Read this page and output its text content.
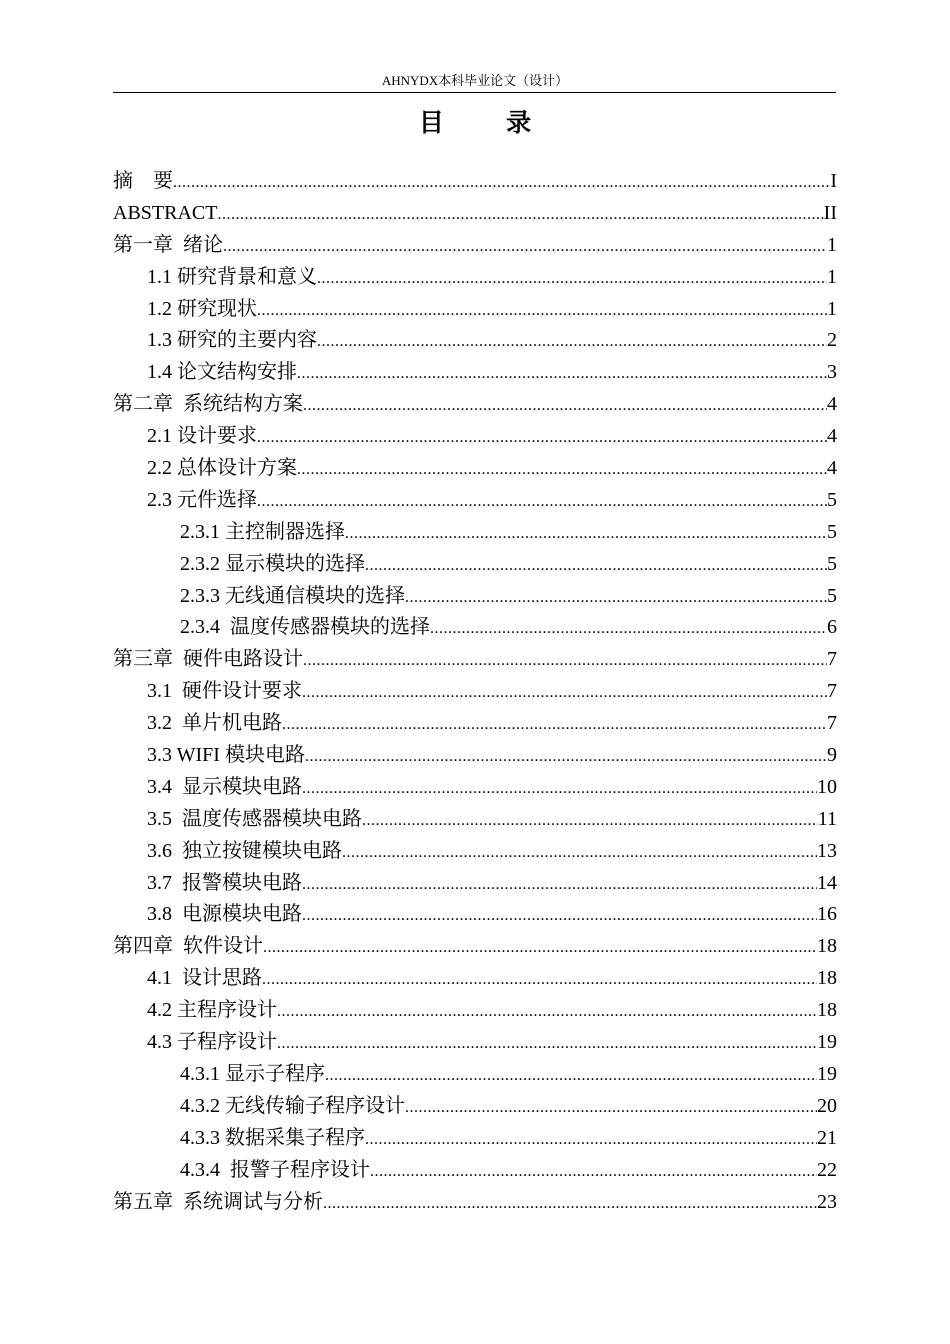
AHNYDX本科毕业论文（设计）
目 录
摘    要 .....	I
ABSTRACT .....	II
第一章  绪论 .....	1
1.1 研究背景和意义 .....	1
1.2 研究现状 .....	1
1.3 研究的主要内容 .....	2
1.4 论文结构安排 .....	3
第二章  系统结构方案 .....	4
2.1 设计要求 .....	4
2.2 总体设计方案 .....	4
2.3 元件选择 .....	5
2.3.1 主控制器选择 .....	5
2.3.2 显示模块的选择 .....	5
2.3.3 无线通信模块的选择 .....	5
2.3.4  温度传感器模块的选择 .....	6
第三章  硬件电路设计 .....	7
3.1  硬件设计要求 .....	7
3.2  单片机电路 .....	7
3.3 WIFI 模块电路 .....	9
3.4  显示模块电路 .....	10
3.5  温度传感器模块电路 .....	11
3.6  独立按键模块电路 .....	13
3.7  报警模块电路 .....	14
3.8  电源模块电路 .....	16
第四章  软件设计 .....	18
4.1  设计思路 .....	18
4.2 主程序设计 .....	18
4.3 子程序设计 .....	19
4.3.1 显示子程序 .....	19
4.3.2 无线传输子程序设计 .....	20
4.3.3 数据采集子程序 .....	21
4.3.4  报警子程序设计 .....	22
第五章  系统调试与分析 .....	23
